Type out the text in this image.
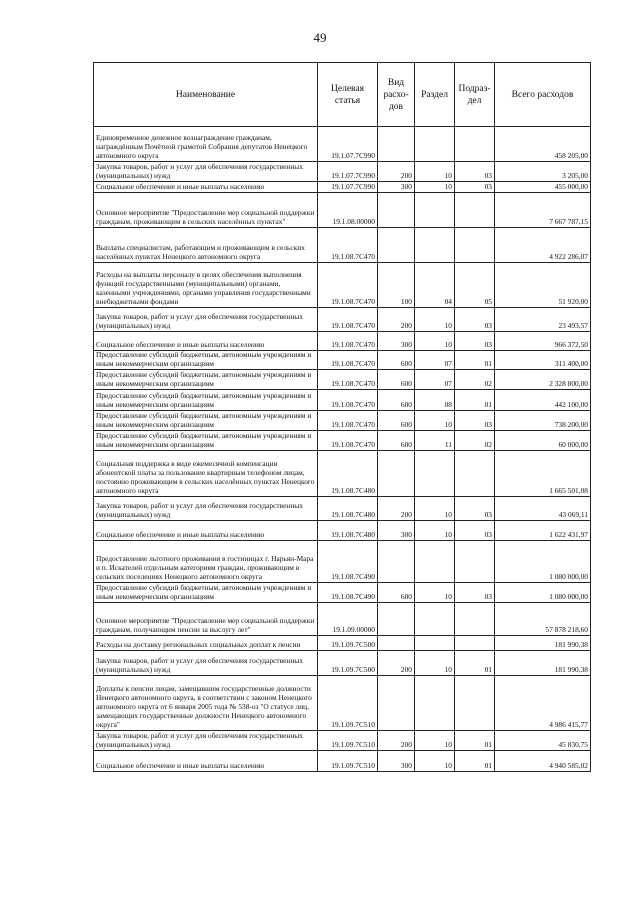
49
Наименование	Целевая статья	Вид расхо-дов	Раздел	Подраз-дел	Всего расходов
Единовременное денежное вознаграждение гражданам, награждённым Почётной грамотой Собрания депутатов Ненецкого автономного округа	19.1.07.7С990				458 205,00
Закупка товаров, работ и услуг для обеспечения государственных (муниципальных) нужд	19.1.07.7С990	200	10	03	3 205,00
Социальное обеспечение и иные выплаты населению	19.1.07.7С990	300	10	03	455 000,00
Основное мероприятие "Предоставление мер социальной поддержки гражданам, проживающим в сельских населённых пунктах"	19.1.08.00000				7 667 787,15
Выплаты специалистам, работающим и проживающим в сельских населённых пунктах Ненецкого автономного округа	19.1.08.7С470				4 922 286,07
Расходы на выплаты персоналу в целях обеспечения выполнения функций государственными (муниципальными) органами, казенными учреждениями, органами управления государственными внебюджетными фондами	19.1.08.7С470	100	04	05	51 920,00
Закупка товаров, работ и услуг для обеспечения государственных (муниципальных) нужд	19.1.08.7С470	200	10	03	23 493,57
Социальное обеспечение и иные выплаты населению	19.1.08.7С470	300	10	03	966 372,50
Предоставление субсидий бюджетным, автономным учреждениям и иным некоммерческим организациям	19.1.08.7С470	600	07	01	311 400,00
Предоставление субсидий бюджетным, автономным учреждениям и иным некоммерческим организациям	19.1.08.7С470	600	07	02	2 328 800,00
Предоставление субсидий бюджетным, автономным учреждениям и иным некоммерческим организациям	19.1.08.7С470	600	08	01	442 100,00
Предоставление субсидий бюджетным, автономным учреждениям и иным некоммерческим организациям	19.1.08.7С470	600	10	03	738 200,00
Предоставление субсидий бюджетным, автономным учреждениям и иным некоммерческим организациям	19.1.08.7С470	600	11	02	60 000,00
Социальная поддержка в виде ежемесячной компенсации абонентской платы за пользование квартирным телефоном лицам, постоянно проживающим в сельских населённых пунктах Ненецкого автономного округа	19.1.08.7С480				1 665 501,08
Закупка товаров, работ и услуг для обеспечения государственных (муниципальных) нужд	19.1.08.7С480	200	10	03	43 069,11
Социальное обеспечение и иные выплаты населению	19.1.08.7С480	300	10	03	1 622 431,97
Предоставление льготного проживания в гостиницах г. Нарьян-Мара и п. Искателей отдельным категориям граждан, проживающим в сельских поселениях Ненецкого автономного округа	19.1.08.7С490				1 080 000,00
Предоставление субсидий бюджетным, автономным учреждениям и иным некоммерческим организациям	19.1.08.7С490	600	10	03	1 080 000,00
Основное мероприятие "Предоставление мер социальной поддержки гражданам, получающим пенсии за выслугу лет"	19.1.09.00000				57 878 218,60
Расходы на доставку региональных социальных доплат к пенсии	19.1.09.7С500				181 990,38
Закупка товаров, работ и услуг для обеспечения государственных (муниципальных) нужд	19.1.09.7С500	200	10	01	181 990,38
Доплаты к пенсии лицам, замещавшим государственные должности Ненецкого автономного округа, в соответствии с законом Ненецкого автономного округа от 6 января 2005 года № 538-оз "О статусе лиц, замещающих государственные должности Ненецкого автономного округа"	19.1.09.7С510				4 986 415,77
Закупка товаров, работ и услуг для обеспечения государственных (муниципальных) нужд	19.1.09.7С510	200	10	01	45 830,75
Социальное обеспечение и иные выплаты населению	19.1.09.7С510	300	10	01	4 940 585,02
